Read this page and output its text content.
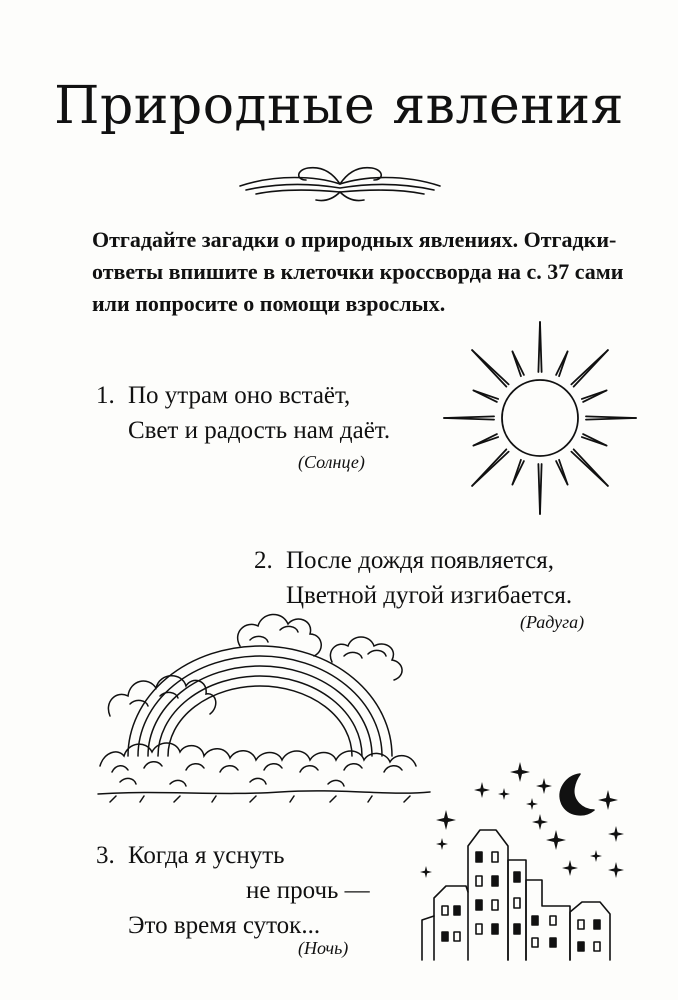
Природные явления
Отгадайте загадки о природных явлениях. Отгадки-
ответы впишите в клеточки кроссворда на с. 37 сами
или попросите о помощи взрослых.
1. По утрам оно встаёт,
Свет и радость нам даёт.
(Солнце)
2. После дождя появляется,
Цветной дугой изгибается.
(Радуга)
3. Когда я уснуть
не прочь —
Это время суток...
(Ночь)
